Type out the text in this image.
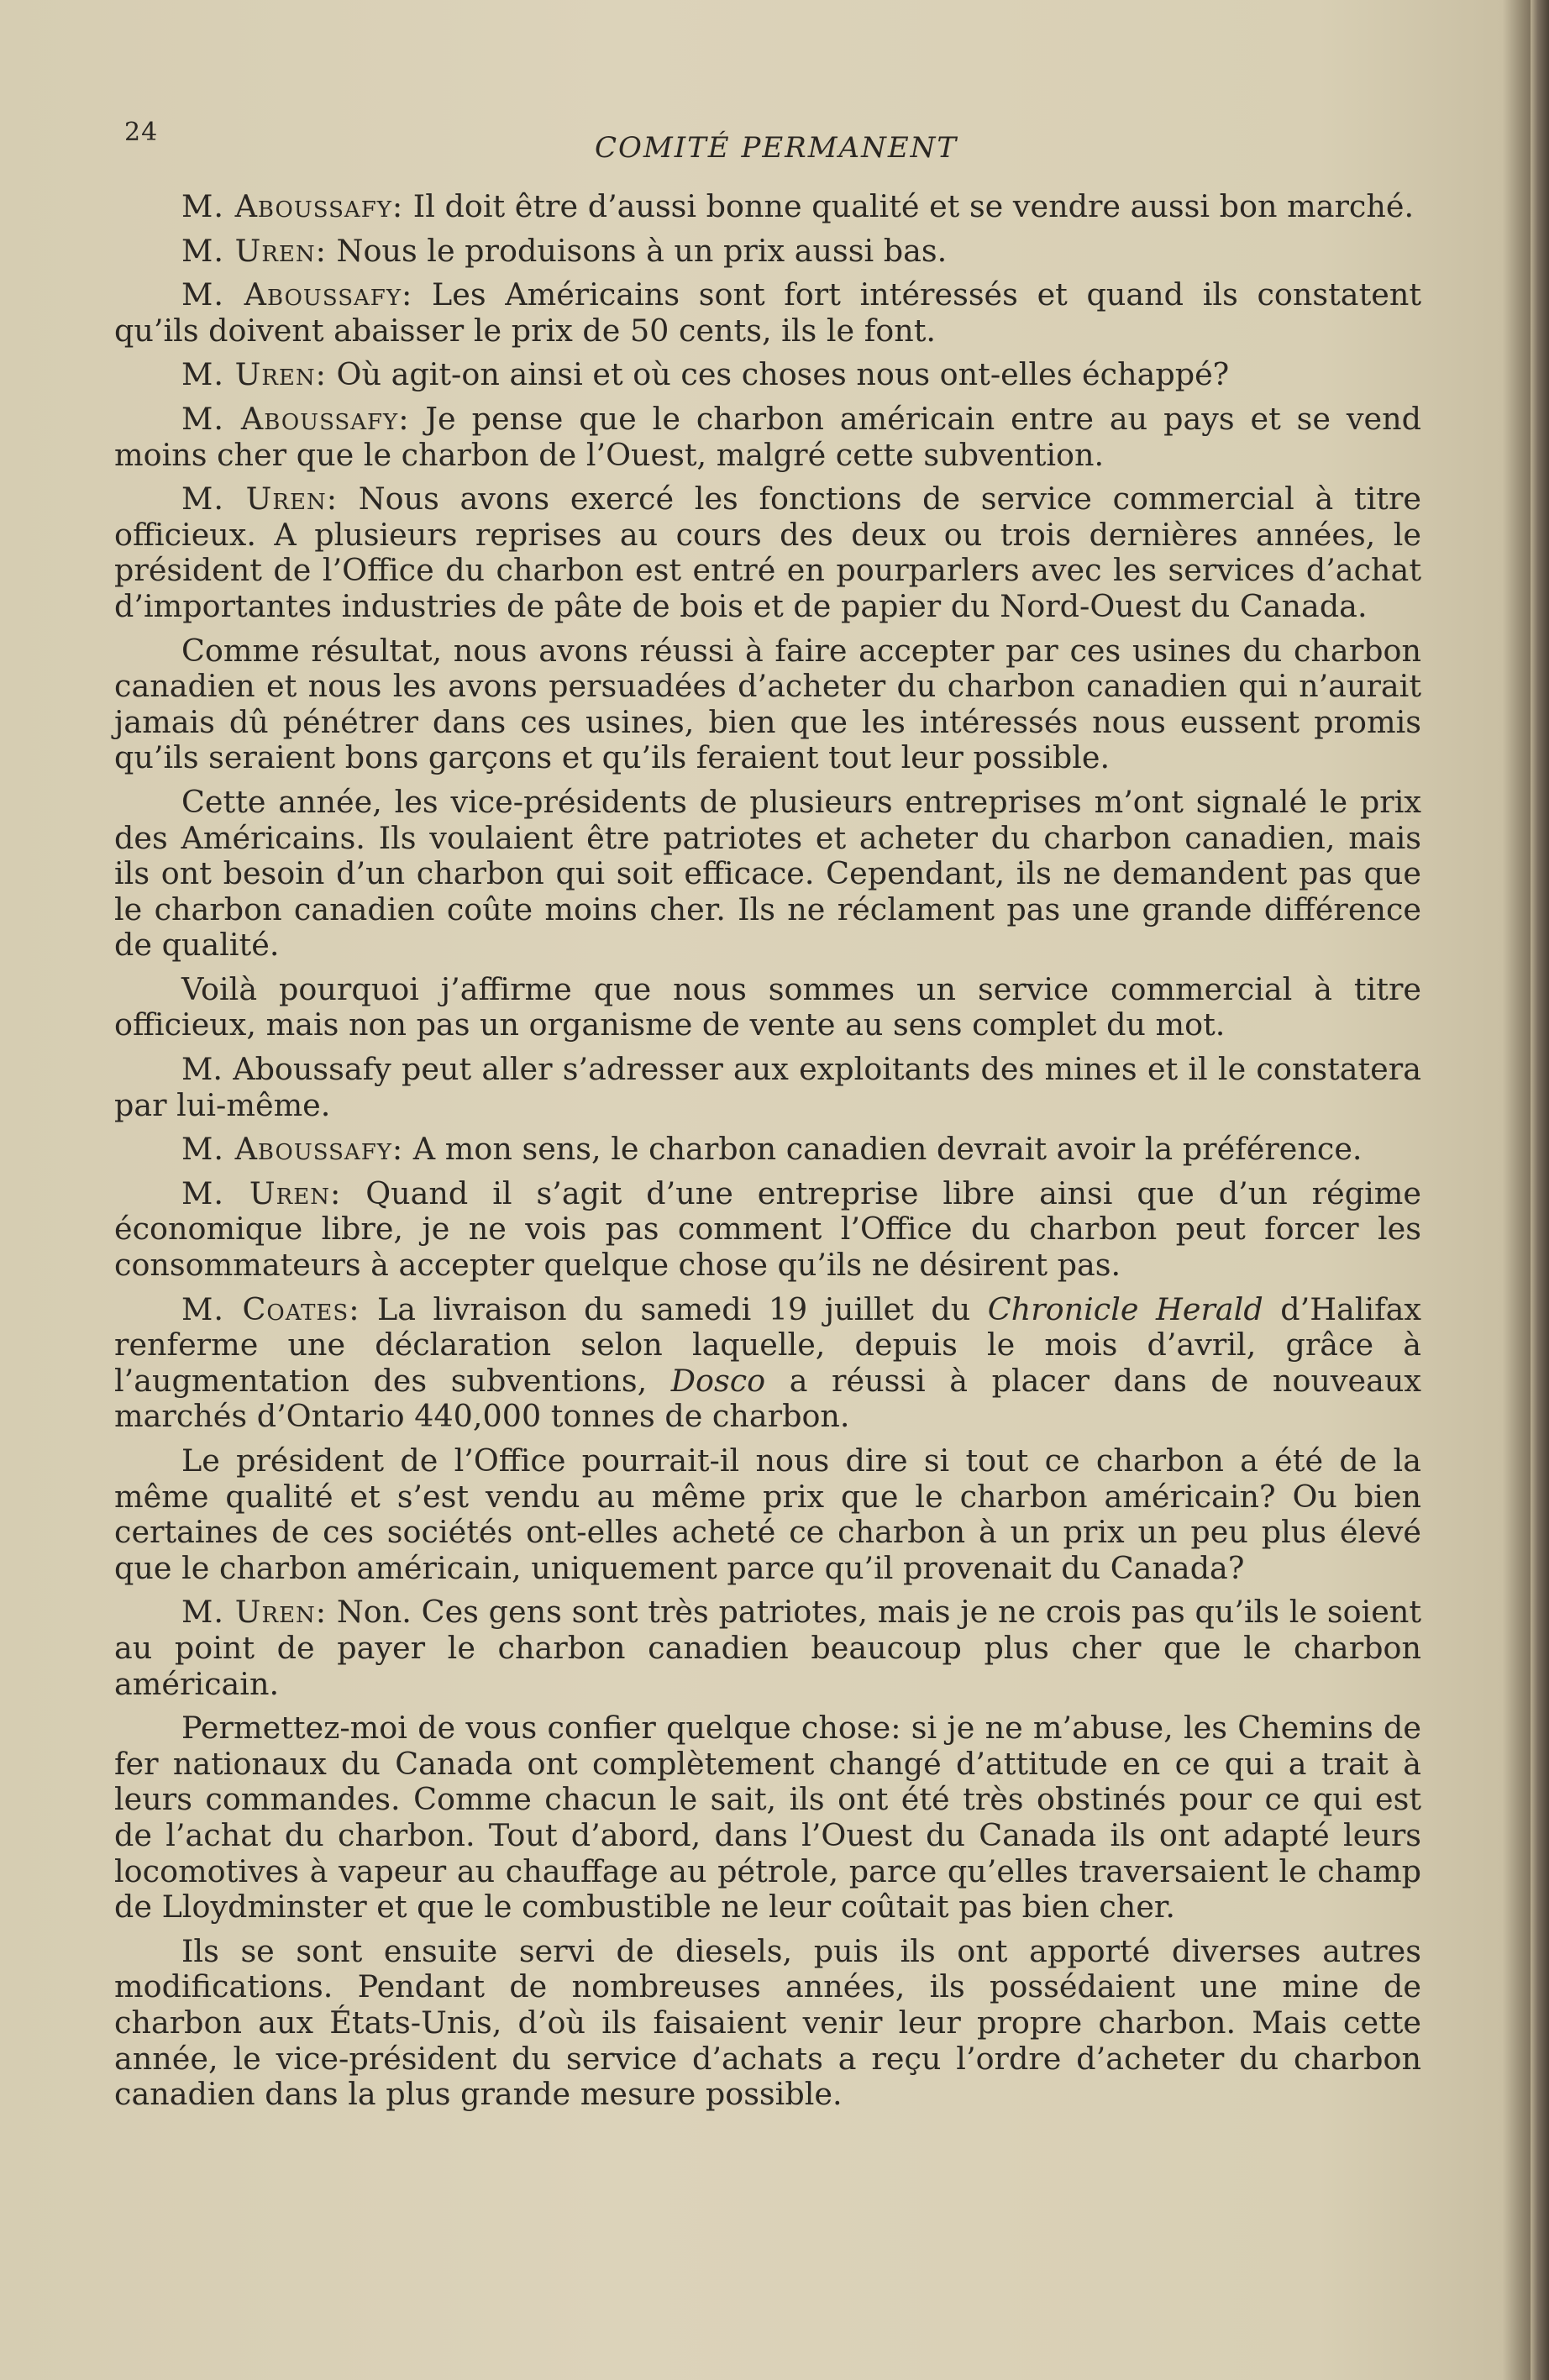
24	COMITÉ PERMANENT

M. Aboussafy: Il doit être d’aussi bonne qualité et se vendre aussi bon marché.

M. Uren: Nous le produisons à un prix aussi bas.

M. Aboussafy: Les Américains sont fort intéressés et quand ils constatent qu’ils doivent abaisser le prix de 50 cents, ils le font.

M. Uren: Où agit-on ainsi et où ces choses nous ont-elles échappé?

M. Aboussafy: Je pense que le charbon américain entre au pays et se vend moins cher que le charbon de l’Ouest, malgré cette subvention.

M. Uren: Nous avons exercé les fonctions de service commercial à titre officieux. A plusieurs reprises au cours des deux ou trois dernières années, le président de l’Office du charbon est entré en pourparlers avec les services d’achat d’importantes industries de pâte de bois et de papier du Nord-Ouest du Canada.

Comme résultat, nous avons réussi à faire accepter par ces usines du charbon canadien et nous les avons persuadées d’acheter du charbon canadien qui n’aurait jamais dû pénétrer dans ces usines, bien que les intéressés nous eussent promis qu’ils seraient bons garçons et qu’ils feraient tout leur possible.

Cette année, les vice-présidents de plusieurs entreprises m’ont signalé le prix des Américains. Ils voulaient être patriotes et acheter du charbon canadien, mais ils ont besoin d’un charbon qui soit efficace. Cependant, ils ne demandent pas que le charbon canadien coûte moins cher. Ils ne réclament pas une grande différence de qualité.

Voilà pourquoi j’affirme que nous sommes un service commercial à titre officieux, mais non pas un organisme de vente au sens complet du mot.

M. Aboussafy peut aller s’adresser aux exploitants des mines et il le constatera par lui-même.

M. Aboussafy: A mon sens, le charbon canadien devrait avoir la préférence.

M. Uren: Quand il s’agit d’une entreprise libre ainsi que d’un régime économique libre, je ne vois pas comment l’Office du charbon peut forcer les consommateurs à accepter quelque chose qu’ils ne désirent pas.

M. Coates: La livraison du samedi 19 juillet du Chronicle Herald d’Halifax renferme une déclaration selon laquelle, depuis le mois d’avril, grâce à l’augmentation des subventions, Dosco a réussi à placer dans de nouveaux marchés d’Ontario 440,000 tonnes de charbon.

Le président de l’Office pourrait-il nous dire si tout ce charbon a été de la même qualité et s’est vendu au même prix que le charbon américain? Ou bien certaines de ces sociétés ont-elles acheté ce charbon à un prix un peu plus élevé que le charbon américain, uniquement parce qu’il provenait du Canada?

M. Uren: Non. Ces gens sont très patriotes, mais je ne crois pas qu’ils le soient au point de payer le charbon canadien beaucoup plus cher que le charbon américain.

Permettez-moi de vous confier quelque chose: si je ne m’abuse, les Chemins de fer nationaux du Canada ont complètement changé d’attitude en ce qui a trait à leurs commandes. Comme chacun le sait, ils ont été très obstinés pour ce qui est de l’achat du charbon. Tout d’abord, dans l’Ouest du Canada ils ont adapté leurs locomotives à vapeur au chauffage au pétrole, parce qu’elles traversaient le champ de Lloydminster et que le combustible ne leur coûtait pas bien cher.

Ils se sont ensuite servi de diesels, puis ils ont apporté diverses autres modifications. Pendant de nombreuses années, ils possédaient une mine de charbon aux États-Unis, d’où ils faisaient venir leur propre charbon. Mais cette année, le vice-président du service d’achats a reçu l’ordre d’acheter du charbon canadien dans la plus grande mesure possible.
